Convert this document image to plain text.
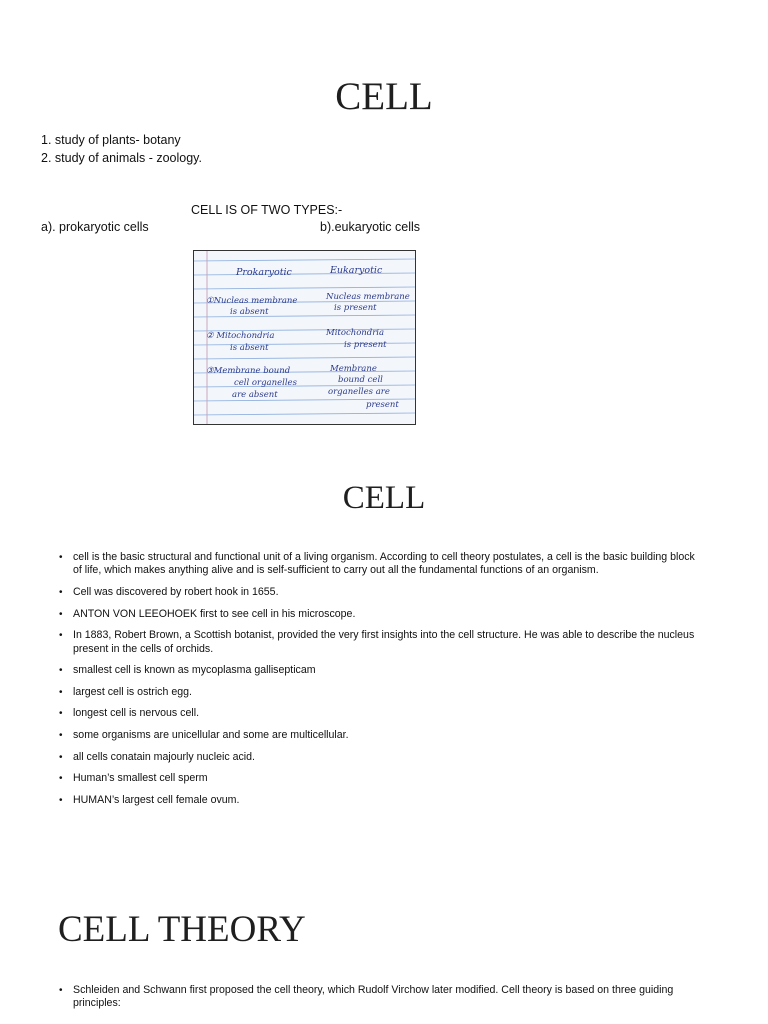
CELL
1. study of plants- botany
2. study of animals - zoology.
CELL IS OF TWO TYPES:-
a). prokaryotic cells	b).eukaryotic cells
Prokaryotic	Eukaryotic
①Nucleas membrane
is absent
Nucleas membrane
is present
② Mitochondria
is absent
Mitochondria
is present
③Membrane bound
cell organelles
are absent
Membrane
bound cell
organelles are
present
CELL
• cell is the basic structural and functional unit of a living organism. According to cell theory postulates, a cell is the basic building block of life, which makes anything alive and is self-sufficient to carry out all the fundamental functions of an organism.
• Cell was discovered by robert hook in 1655.
• ANTON VON LEEOHOEK first to see cell in his microscope.
• In 1883, Robert Brown, a Scottish botanist, provided the very first insights into the cell structure. He was able to describe the nucleus present in the cells of orchids.
• smallest cell is known as mycoplasma gallisepticam
• largest cell is ostrich egg.
• longest cell is nervous cell.
• some organisms are unicellular and some are multicellular.
• all cells conatain majourly nucleic acid.
• Human’s smallest cell sperm
• HUMAN’s largest cell female ovum.
CELL THEORY
• Schleiden and Schwann first proposed the cell theory, which Rudolf Virchow later modified. Cell theory is based on three guiding principles:
